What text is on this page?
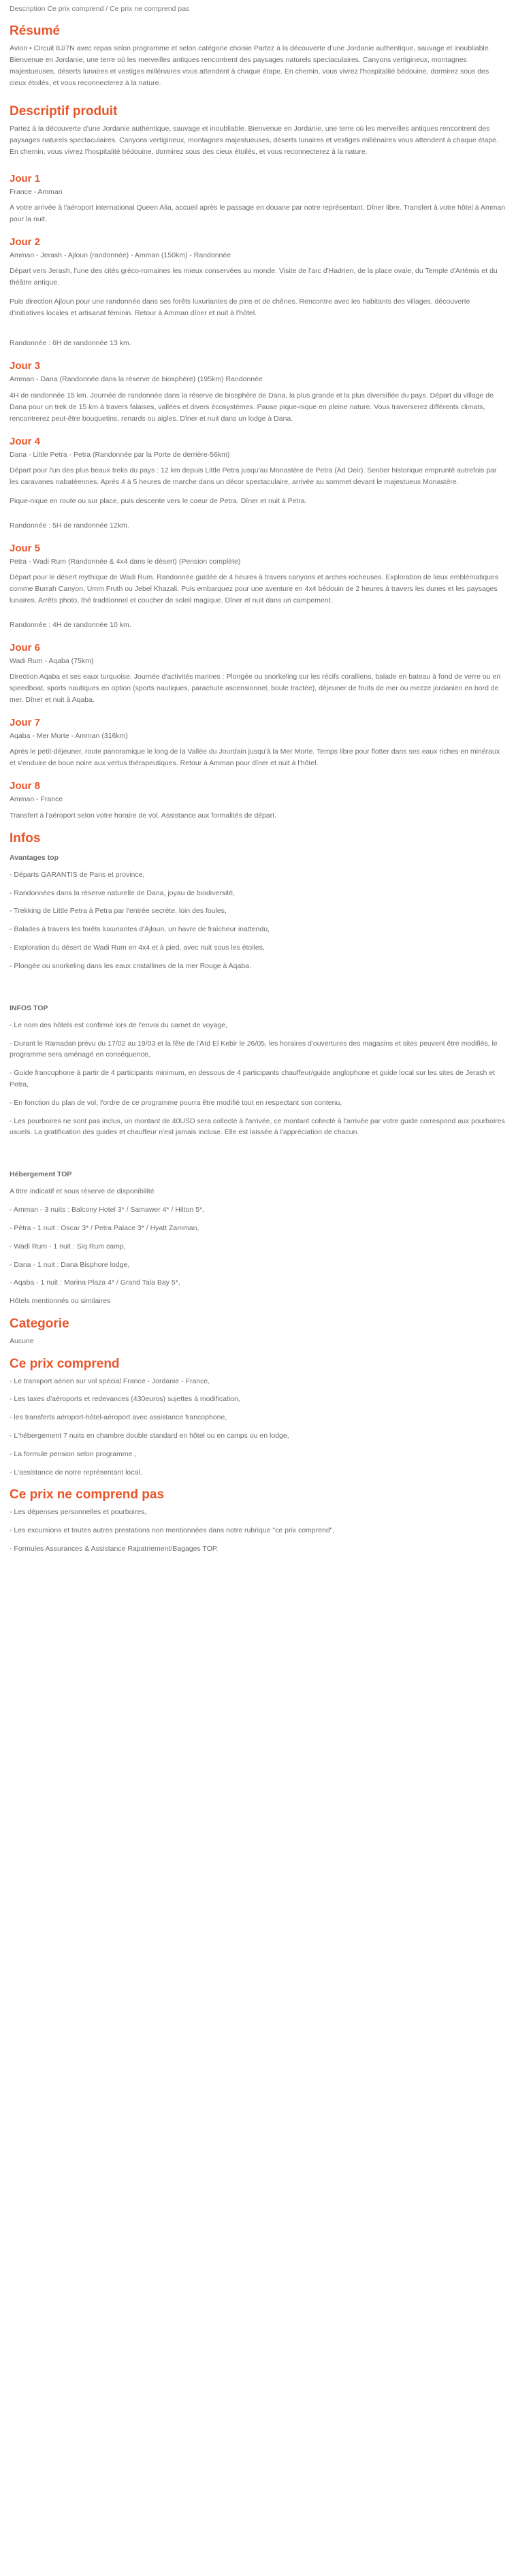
Description Ce prix comprend / Ce prix ne comprend pas
Résumé

Avion • Circuit 8J/7N avec repas selon programme et selon catégorie choisie Partez à la découverte d'une Jordanie authentique, sauvage et inoubliable. Bienvenue en Jordanie, une terre où les merveilles antiques rencontrent des paysages naturels spectaculaires. Canyons vertigineux, montagnes majestueuses, déserts lunaires et vestiges millénaires vous attendent à chaque étape. En chemin, vous vivrez l'hospitalité bédouine, dormirez sous des cieux étoilés, et vous reconnecterez à la nature.

Descriptif produit

Partez à la découverte d'une Jordanie authentique, sauvage et inoubliable. Bienvenue en Jordanie, une terre où les merveilles antiques rencontrent des paysages naturels spectaculaires. Canyons vertigineux, montagnes majestueuses, déserts lunaires et vestiges millénaires vous attendent à chaque étape. En chemin, vous vivrez l'hospitalité bédouine, dormirez sous des cieux étoilés, et vous reconnecterez à la nature.

Jour 1
France - Amman

À votre arrivée à l'aéroport international Queen Alia, accueil après le passage en douane par notre représentant. Dîner libre. Transfert à votre hôtel à Amman pour la nuit.

Jour 2
Amman - Jerash - Ajloun (randonnée) - Amman (150km) - Randonnée

Départ vers Jerash, l'une des cités gréco-romaines les mieux conservées au monde. Visite de l'arc d'Hadrien, de la place ovale, du Temple d'Artémis et du théâtre antique.

Puis direction Ajloun pour une randonnée dans ses forêts luxuriantes de pins et de chênes. Rencontre avec les habitants des villages, découverte d'initiatives locales et artisanat féminin. Retour à Amman dîner et nuit à l'hôtel.

Randonnée : 6H de randonnée 13 km.

Jour 3
Amman - Dana (Randonnée dans la réserve de biosphère) (195km) Randonnée

4H de randonnée 15 km. Journée de randonnée dans la réserve de biosphère de Dana, la plus grande et la plus diversifiée du pays. Départ du village de Dana pour un trek de 15 km à travers falaises, vallées et divers écosystèmes. Pause pique-nique en pleine nature. Vous traverserez différents climats, rencontrerez peut-être bouquetins, renards ou aigles. Dîner et nuit dans un lodge à Dana.

Jour 4
Dana - Little Petra - Petra (Randonnée par la Porte de derrière-56km)

Départ pour l'un des plus beaux treks du pays : 12 km depuis Little Petra jusqu'au Monastère de Petra (Ad Deir). Sentier historique empruntê autrefois par les caravanes nabatéennes. Après 4 à 5 heures de marche dans un décor spectaculaire, arrivée au sommet devant le majestueux Monastère.

Pique-nique en route ou sur place, puis descente vers le coeur de Petra. Dîner et nuit à Petra.

Randonnée : 5H de randonnée 12km.

Jour 5
Petra - Wadi Rum (Randonnée & 4x4 dans le désert) (Pension complète)

Départ pour le désert mythique de Wadi Rum. Randonnée guidée de 4 heures à travers canyons et arches rocheuses. Exploration de lieux emblématiques comme Burrah Canyon, Umm Fruth ou Jebel Khazali. Puis embarquez pour une aventure en 4x4 bédouin de 2 heures à travers les dunes et les paysages lunaires. Arrêts photo, thé traditionnel et coucher de soleil magique. Dîner et nuit dans un campement.

Randonnée : 4H de randonnée 10 km.

Jour 6
Wadi Rum - Aqaba (75km)

Direction Aqaba et ses eaux turquoise. Journée d'activités marines : Plongée ou snorkeling sur les récifs coralliens, balade en bateau à fond de verre ou en speedboat, sports nautiques en option (sports nautiques, parachute ascensionnel, boule tractée), déjeuner de fruits de mer ou mezze jordanien en bord de mer. Dîner et nuit à Aqaba.

Jour 7
Aqaba - Mer Morte - Amman (316km)

Après le petit-déjeuner, route panoramique le long de la Vallée du Jourdain jusqu'à la Mer Morte. Temps libre pour flotter dans ses eaux riches en minéraux et s'enduire de boue noire aux vertus thérapeutiques. Retour à Amman pour dîner et nuit à l'hôtel.

Jour 8
Amman - France

Transfert à l'aéroport selon votre horaire de vol. Assistance aux formalités de départ.

Infos
Avantages top

- Départs GARANTIS de Paris et province,

- Randonnées dans la réserve naturelle de Dana, joyau de biodiversité,

- Trekking de Little Petra à Petra par l'entrée secrète, loin des foules,

- Balades à travers les forêts luxuriantes d'Ajloun, un havre de fraîcheur inattendu,

- Exploration du désert de Wadi Rum en 4x4 et à pied, avec nuit sous les étoiles,

- Plongée ou snorkeling dans les eaux cristallines de la mer Rouge à Aqaba.

INFOS TOP

- Le nom des hôtels est confirmé lors de l'envoi du carnet de voyage,

- Durant le Ramadan prévu du 17/02 au 19/03 et la fête de l'Aïd El Kebir le 26/05, les horaires d'ouvertures des magasins et sites peuvent être modifiés, le programme sera aménagé en conséquence,

- Guide francophone à partir de 4 participants minimum, en dessous de 4 participants chauffeur/guide anglophone et guide local sur les sites de Jerash et Petra,

- En fonction du plan de vol, l'ordre de ce programme pourra être modifié tout en respectant son contenu,

- Les pourboires ne sont pas inclus, un montant de 40USD sera collecté à l'arrivée, ce montant collecté à l'arrivée par votre guide correspond aux pourboires usuels. La gratification des guides et chauffeur n'est jamais incluse. Elle est laissée à l'appréciation de chacun.

Hébergement TOP

A titre indicatif et sous réserve de disponibilité

- Amman - 3 nuits : Balcony Hotel 3* / Samawer 4* / Hilton 5*,

- Pétra - 1 nuit : Oscar 3* / Petra Palace 3* / Hyatt Zamman,

- Wadi Rum - 1 nuit : Siq Rum camp,

- Dana - 1 nuit : Dana Bisphore lodge,

- Aqaba - 1 nuit : Marina Plaza 4* / Grand Tala Bay 5*,

Hôtels mentionnés ou similaires

Categorie

Aucune

Ce prix comprend

- Le transport aérien sur vol spécial France - Jordanie - France,

- Les taxes d'aéroports et redevances (430euros) sujettes à modification,

- les transferts aéroport-hôtel-aéroport avec assistance francophone,

- L'hébergement 7 nuits en chambre double standard en hôtel ou en camps ou en lodge,

- La formule pension selon programme ,

- L'assistance de notre représentant local.

Ce prix ne comprend pas

- Les dépenses personnelles et pourboires,

- Les excursions et toutes autres prestations non mentionnées dans notre rubrique "ce prix comprend",

- Formules Assurances & Assistance Rapatriement/Bagages TOP.
